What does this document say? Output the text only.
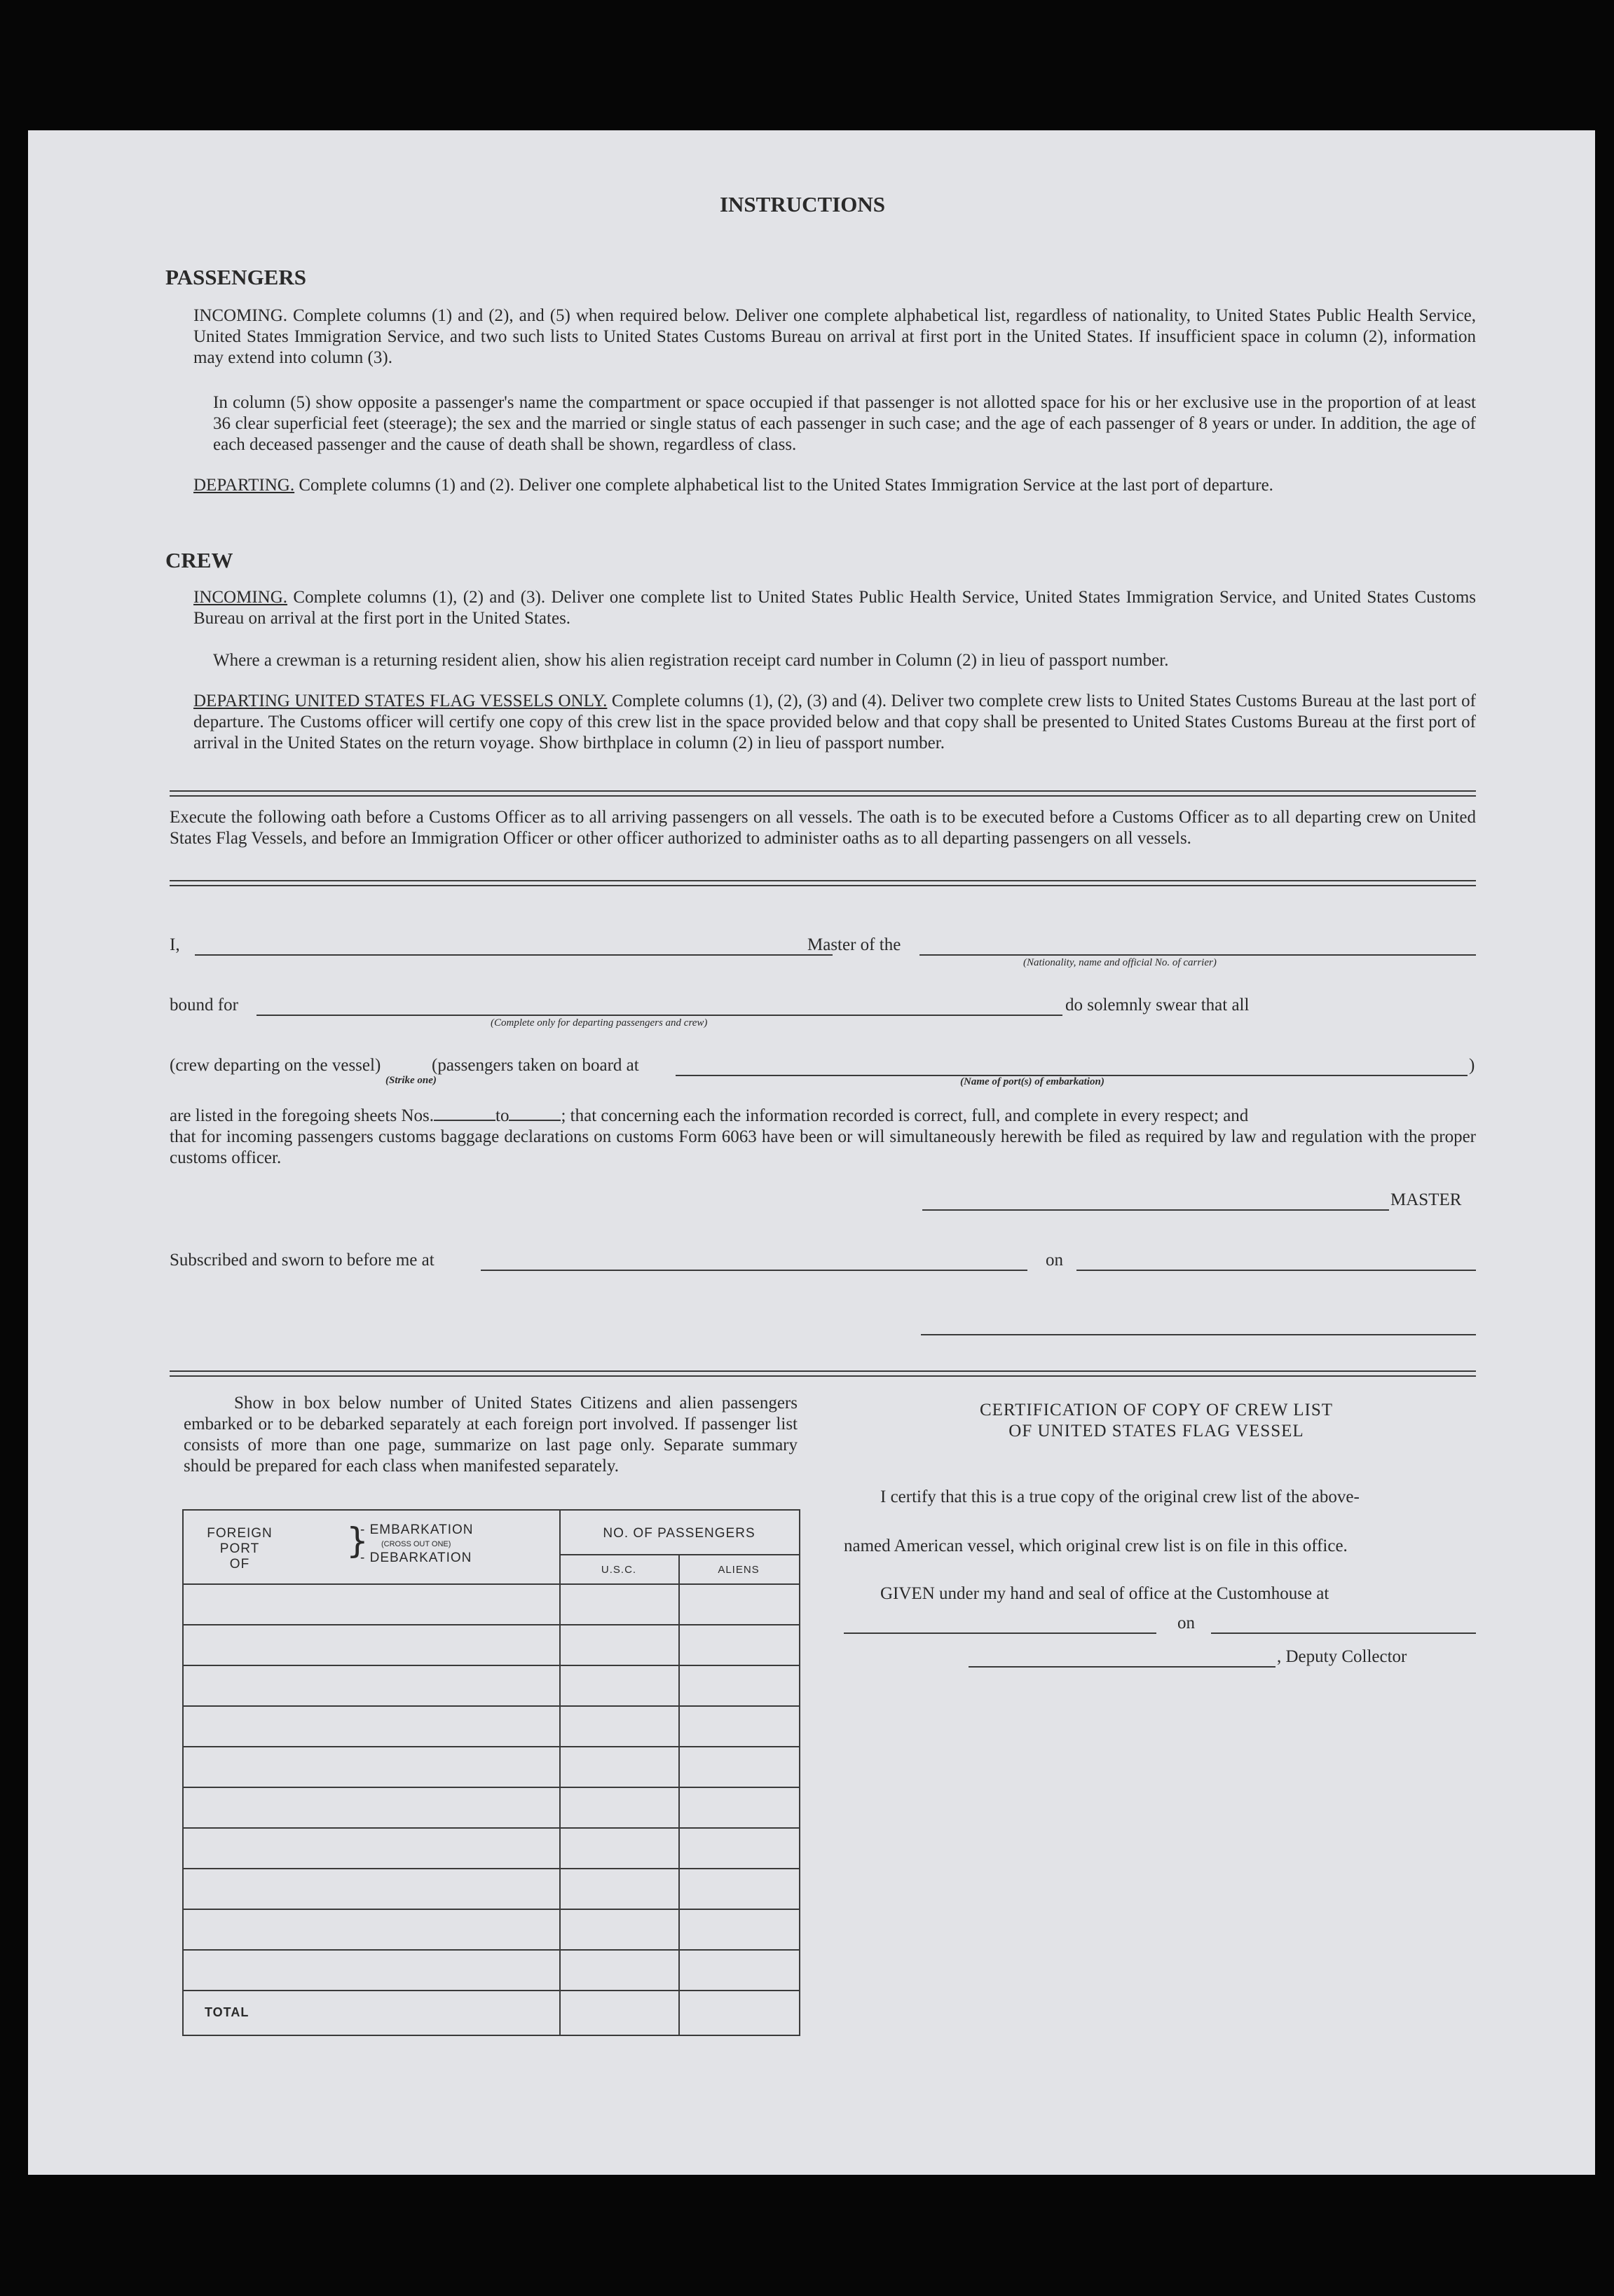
INSTRUCTIONS
PASSENGERS
INCOMING. Complete columns (1) and (2), and (5) when required below. Deliver one complete alphabetical list, regardless of nationality, to United States Public Health Service, United States Immigration Service, and two such lists to United States Customs Bureau on arrival at first port in the United States. If insufficient space in column (2), information may extend into column (3).
In column (5) show opposite a passenger's name the compartment or space occupied if that passenger is not allotted space for his or her exclusive use in the proportion of at least 36 clear superficial feet (steerage); the sex and the married or single status of each passenger in such case; and the age of each passenger of 8 years or under. In addition, the age of each deceased passenger and the cause of death shall be shown, regardless of class.
DEPARTING. Complete columns (1) and (2). Deliver one complete alphabetical list to the United States Immigration Service at the last port of departure.
CREW
INCOMING. Complete columns (1), (2) and (3). Deliver one complete list to United States Public Health Service, United States Immigration Service, and United States Customs Bureau on arrival at the first port in the United States.
Where a crewman is a returning resident alien, show his alien registration receipt card number in Column (2) in lieu of passport number.
DEPARTING UNITED STATES FLAG VESSELS ONLY. Complete columns (1), (2), (3) and (4). Deliver two complete crew lists to United States Customs Bureau at the last port of departure. The Customs officer will certify one copy of this crew list in the space provided below and that copy shall be presented to United States Customs Bureau at the first port of arrival in the United States on the return voyage. Show birthplace in column (2) in lieu of passport number.
Execute the following oath before a Customs Officer as to all arriving passengers on all vessels. The oath is to be executed before a Customs Officer as to all departing crew on United States Flag Vessels, and before an Immigration Officer or other officer authorized to administer oaths as to all departing passengers on all vessels.
I,	Master of the
(Nationality, name and official No. of carrier)
bound for
(Complete only for departing passengers and crew)
do solemnly swear that all
(crew departing on the vessel)
(Strike one)
(passengers taken on board at	)
(Name of port(s) of embarkation)
are listed in the foregoing sheets Nos.	to	; that concerning each the information recorded is correct, full, and complete in every respect; and
that for incoming passengers customs baggage declarations on customs Form 6063 have been or will simultaneously herewith be filed as required by law and regulation with the proper customs officer.
MASTER
Subscribed and sworn to before me at	on
Show in box below number of United States Citizens and alien passengers embarked or to be debarked separately at each foreign port involved. If passenger list consists of more than one page, summarize on last page only. Separate summary should be prepared for each class when manifested separately.
FOREIGN
PORT
OF
}
- EMBARKATION
(CROSS OUT ONE)
- DEBARKATION
NO. OF PASSENGERS
U.S.C.	ALIENS
TOTAL
CERTIFICATION OF COPY OF CREW LIST
OF UNITED STATES FLAG VESSEL
I certify that this is a true copy of the original crew list of the above-
named American vessel, which original crew list is on file in this office.
GIVEN under my hand and seal of office at the Customhouse at
on
, Deputy Collector
